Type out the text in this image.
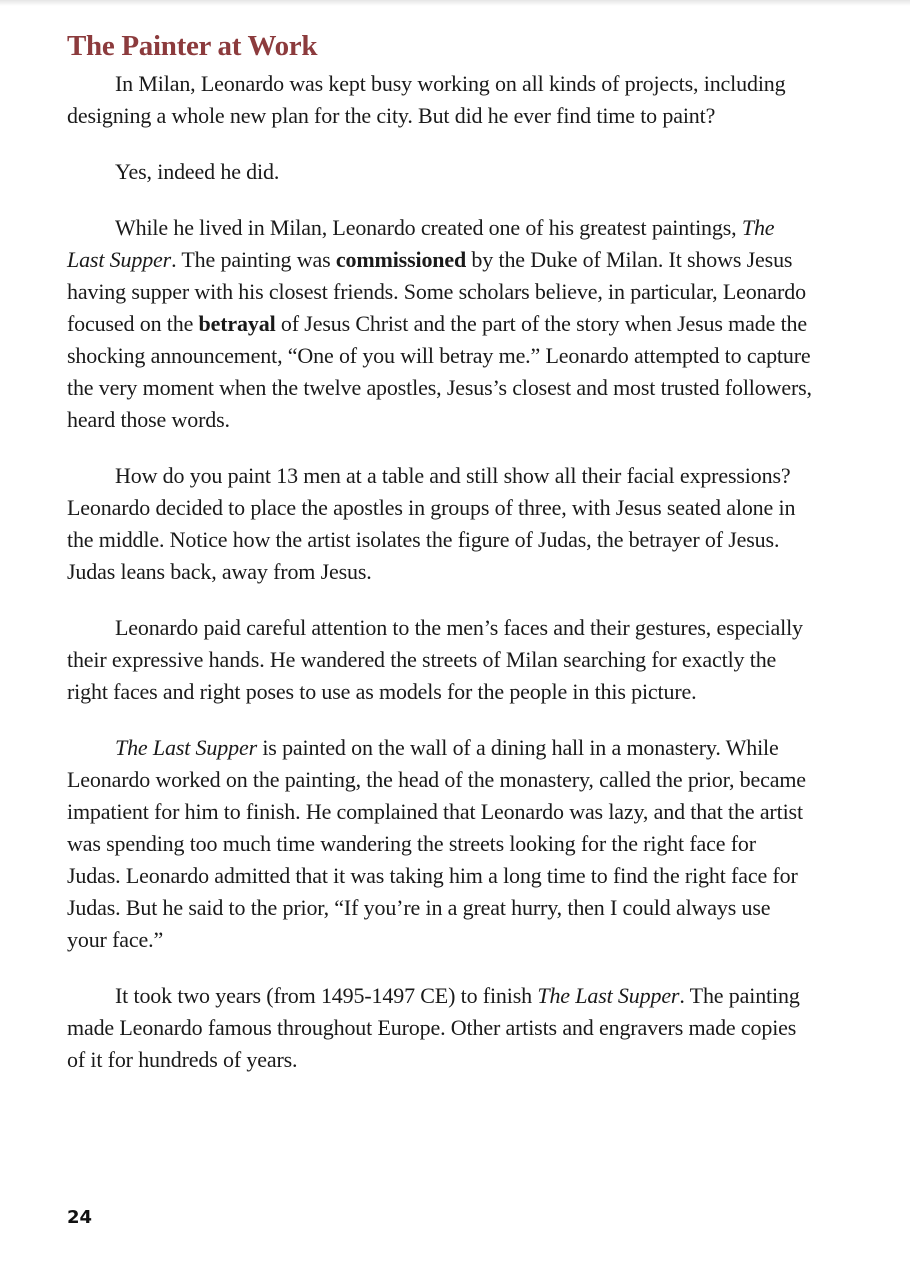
The Painter at Work

In Milan, Leonardo was kept busy working on all kinds of projects, including designing a whole new plan for the city. But did he ever find time to paint?

Yes, indeed he did.

While he lived in Milan, Leonardo created one of his greatest paintings, The Last Supper. The painting was commissioned by the Duke of Milan. It shows Jesus having supper with his closest friends. Some scholars believe, in particular, Leonardo focused on the betrayal of Jesus Christ and the part of the story when Jesus made the shocking announcement, “One of you will betray me.” Leonardo attempted to capture the very moment when the twelve apostles, Jesus’s closest and most trusted followers, heard those words.

How do you paint 13 men at a table and still show all their facial expressions? Leonardo decided to place the apostles in groups of three, with Jesus seated alone in the middle. Notice how the artist isolates the figure of Judas, the betrayer of Jesus. Judas leans back, away from Jesus.

Leonardo paid careful attention to the men’s faces and their gestures, especially their expressive hands. He wandered the streets of Milan searching for exactly the right faces and right poses to use as models for the people in this picture.

The Last Supper is painted on the wall of a dining hall in a monastery. While Leonardo worked on the painting, the head of the monastery, called the prior, became impatient for him to finish. He complained that Leonardo was lazy, and that the artist was spending too much time wandering the streets looking for the right face for Judas. Leonardo admitted that it was taking him a long time to find the right face for Judas. But he said to the prior, “If you’re in a great hurry, then I could always use your face.”

It took two years (from 1495-1497 CE) to finish The Last Supper. The painting made Leonardo famous throughout Europe. Other artists and engravers made copies of it for hundreds of years.

24
